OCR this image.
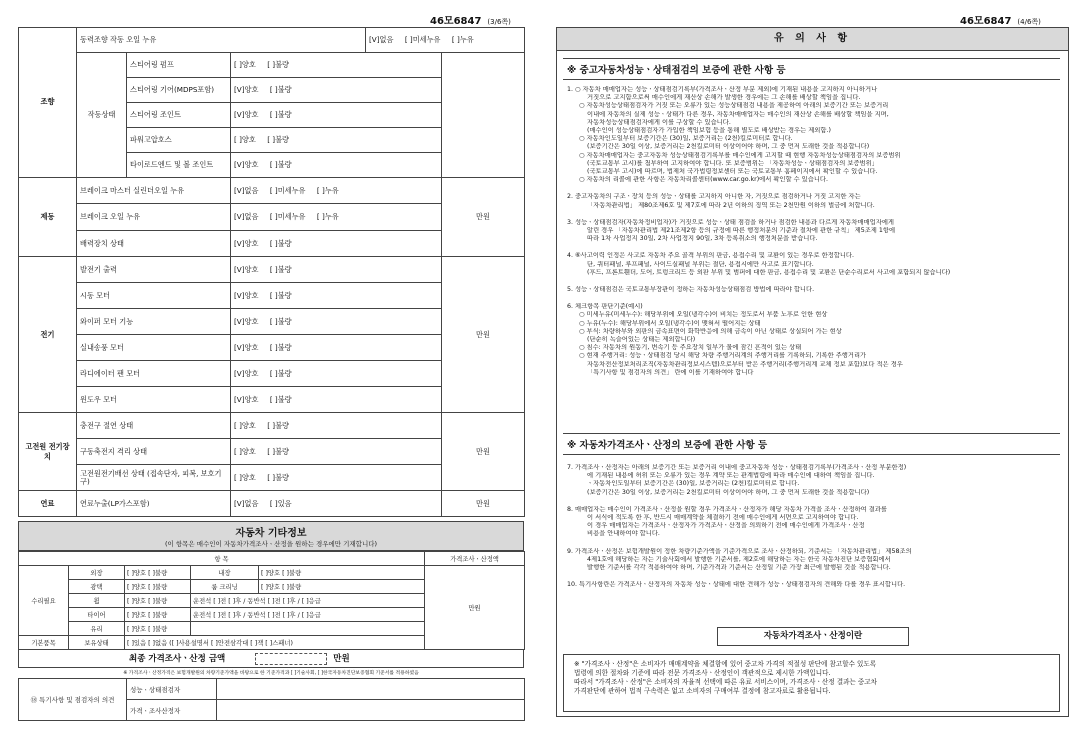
46모6847 (3/6쪽)
조향	동력조향 작동 오일 누유			[V]없음     [ ]미세누유     [ ]누유	
	작동상태	스티어링 펌프	[ ]양호     [ ]불량			
		스티어링 기어(MDPS포함)	[V]양호     [ ]불량			
		스티어링 조인트	[V]양호     [ ]불량			
		파워고압호스	[ ]양호     [ ]불량			
		타이로드엔드 및 볼 조인트	[V]양호     [ ]불량			
제동	브레이크 마스터 실린더오일 누유		[V]없음     [ ]미세누유     [ ]누유		만원	
	브레이크 오일 누유		[V]없음     [ ]미세누유     [ ]누유			
	배력장치 상태		[V]양호     [ ]불량			
전기	발전기 출력		[V]양호     [ ]불량		만원	
	시동 모터		[V]양호     [ ]불량			
	와이퍼 모터 기능		[V]양호     [ ]불량			
	실내송풍 모터		[V]양호     [ ]불량			
	라디에이터 팬 모터		[V]양호     [ ]불량			
	윈도우 모터		[V]양호     [ ]불량			
고전원 전기장치	충전구 절연 상태		[ ]양호     [ ]불량		만원	
	구동축전지 격리 상태		[ ]양호     [ ]불량			
	고전원전기배선 상태 (접속단자, 피복, 보호기구)		[ ]양호     [ ]불량			
연료	연료누출(LP가스포함)		[V]없음     [ ]있음		만원	
자동차 기타정보
(이 항목은 매수인이 자동차가격조사ㆍ산정을 원하는 경우에만 기재합니다)
항 목					가격조사ㆍ산정액
수리필요	외장	[ ]양호 [ ]불량	내장	[ ]양호 [ ]불량	만원
	광택	[ ]양호 [ ]불량	룸 크리닝	[ ]양호 [ ]불량	
	휠	[ ]양호 [ ]불량	운전석 [ ]전 [ ]후 / 동반석 [ ]전 [ ]후 / [ ]응급		
	타이어	[ ]양호 [ ]불량	운전석 [ ]전 [ ]후 / 동반석 [ ]전 [ ]후 / [ ]응급		
	유리	[ ]양호 [ ]불량			
기본품목	보유상태	[ ]있음 [ ]없음 ([ ]사용설명서 [ ]안전삼각대 [ ]잭 [ ]스패너)			
최종 가격조사ㆍ산정 금액	만원
※ 가격조사ㆍ산정가격은 보험개발원의 차량기준가액을 바탕으로 한 기준가격과 [ ]기술사회, [ ]한국자동차진단보증협회 기준서를 적용하였음
⑱ 특기사항 및 점검자의 의견	성능ㆍ상태점검자	
	가격ㆍ조사산정자	
46모6847 (4/6쪽)
유 의 사 항
※ 중고자동차성능ㆍ상태점검의 보증에 관한 사항 등
1. ○ 자동차 매매업자는 성능ㆍ상태점검기록부(가격조사ㆍ산정 부분 제외)에 기재된 내용을 고지하지 아니하거나
거짓으로 고지함으로써 매수인에게 재산상 손해가 발생한 경우에는 그 손해를 배상할 책임을 집니다.
○ 자동차성능상태점검자가 거짓 또는 오류가 있는 성능상태점검 내용을 제공하여 아래의 보증기간 또는 보증거리
이내에 자동차의 실제 성능ㆍ상태가 다른 경우, 자동차매매업자는 매수인의 재산상 손해를 배상할 책임을 지며,
자동차성능상태점검자에게 이를 구상할 수 있습니다.
(매수인이 성능상태점검자가 가입한 책임보험 등을 통해 별도로 배상받는 경우는 제외함.)
○ 자동차인도일부터 보증기간은 (30)일, 보증거리는 (2천)킬로미터로 합니다.
(보증기간은 30일 이상, 보증거리는 2천킬로미터 이상이어야 하며, 그 중 먼저 도래한 것을 적용합니다)
○ 자동차매매업자는 중고자동차 성능상태점검기록부를 매수인에게 고지할 때 현행 자동차성능상태점검자의 보증범위
(국토교통부 고시)를 첨부하여 고지하여야 합니다. 또 보증범위는 「자동차성능ㆍ상태점검자의 보증범위」
(국토교통부 고시)에 따르며, 법제처 국가법령정보센터 또는 국토교통부 홈페이지에서 확인할 수 있습니다.
○ 자동차의 리콜에 관한 사항은 자동차리콜센터(www.car.go.kr)에서 확인할 수 있습니다.
2. 중고자동차의 구조ㆍ장치 등의 성능ㆍ상태를 고지하지 아니한 자, 거짓으로 점검하거나 거짓 고지한 자는
「자동차관리법」 제80조제6호 및 제7호에 따라 2년 이하의 징역 또는 2천만원 이하의 벌금에 처합니다.
3. 성능ㆍ상태점검자(자동차정비업자)가 거짓으로 성능ㆍ상태 점검을 하거나 점검한 내용과 다르게 자동차매매업자에게
알린 경우 「자동차관리법 제21조제2항 등의 규정에 따른 행정처분의 기준과 절차에 관한 규칙」 제5조제 1항에
따라 1차 사업정지 30일, 2차 사업정지 90일, 3차 등록취소의 행정처분을 받습니다.
4. ⑥사고이력 인정은 사고로 자동차 주요 골격 부위의 판금, 용접수리 및 교환이 있는 경우로 한정합니다.
단, 쿼터패널, 루프패널, 사이드실패널 부위는 절단, 용접시에만 사고로 표기합니다.
(후드, 프론트휀더, 도어, 트렁크리드 등 외판 부위 및 범퍼에 대한 판금, 용접수리 및 교환은 단순수리로서 사고에 포함되지 않습니다)
5. 성능ㆍ상태점검은 국토교통부장관이 정하는 자동차성능상태점검 방법에 따라야 합니다.
6. 체크항목 판단기준(예시)
○ 미세누유(미세누수): 해당부위에 오일(냉각수)이 비치는 정도로서 부품 노후로 인한 현상
○ 누유(누수): 해당부위에서 오일(냉각수)이 맺혀서 떨어지는 상태
○ 부식: 차량하부와 외판의 금속표면이 화학반응에 의해 금속이 아닌 상태로 상실되어 가는 현상
(단순히 녹슬어있는 상태는 제외합니다)
○ 침수: 자동차의 원동기, 변속기 등 주요장치 일부가 물에 잠긴 흔적이 있는 상태
○ 현재 주행거리: 성능ㆍ상태점검 당시 해당 차량 주행거리계의 주행거리를 기록하되, 기록한 주행거리가
자동차전산정보처리조직(자동차관리정보시스템)으로부터 받은 주행거리(주행거리계 교체 정보 포함)보다 적은 경우
「특기사항 및 점검자의 의견」 란에 이를 기재하여야 합니다
※ 자동차가격조사ㆍ산정의 보증에 관한 사항 등
7. 가격조사ㆍ산정자는 아래의 보증기간 또는 보증거리 이내에 중고자동차 성능ㆍ상태점검기록부(가격조사ㆍ산정 부분한정)
에 기재된 내용에 허위 또는 오류가 있는 경우 계약 또는 관계법령에 따라 매수인에 대하여 책임을 집니다.
ㆍ자동차인도일부터 보증기간은 (30)일, 보증거리는 (2천)킬로미터로 합니다.
(보증기간은 30일 이상, 보증거리는 2천킬로미터 이상이어야 하며, 그 중 먼저 도래한 것을 적용합니다)
8. 매매업자는 매수인이 가격조사ㆍ산정을 원할 경우 가격조사ㆍ산정자가 해당 자동차 가격을 조사ㆍ산정하여 결과를
이 서식에 적도록 한 후, 반드시 매매계약을 체결하기 전에 매수인에게 서면으로 고지하여야 합니다.
이 경우 매매업자는 가격조사ㆍ산정자가 가격조사ㆍ산정을 의뢰하기 전에 매수인에게 가격조사ㆍ산정
비용을 안내하여야 합니다.
9. 가격조사ㆍ산정은 보험개발원이 정한 차량기준가액을 기준가격으로 조사ㆍ산정하되, 기준서는 「자동차관리법」 제58조의
4제1호에 해당하는 자는 기술사회에서 발행한 기준서를, 제2호에 해당하는 자는 한국 자동차진단 보증협회에서
발행한 기준서를 각각 적용하여야 하며, 기준가격과 기준서는 산정일 기준 가장 최근에 발행된 것을 적용합니다.
10. 특기사항란은 가격조사ㆍ산정자의 자동차 성능ㆍ상태에 대한 견해가 성능ㆍ상태점검자의 견해와 다를 경우 표시합니다.
자동차가격조사ㆍ산정이란
※ "가격조사ㆍ산정"은 소비자가 매매계약을 체결함에 있어 중고차 가격의 적절성 판단에 참고할수 있도록
법령에 의한 절차와 기준에 따라 전문 가격조사ㆍ산정인이 객관적으로 제시한 가액입니다.
따라서 "가격조사ㆍ산정"은 소비자의 자율적 선택에 따른 유료 서비스이며, 가격조사ㆍ산정 결과는 중고차
가격판단에 관하여 법적 구속력은 없고 소비자의 구매여부 결정에 참고자료로 활용됩니다.
